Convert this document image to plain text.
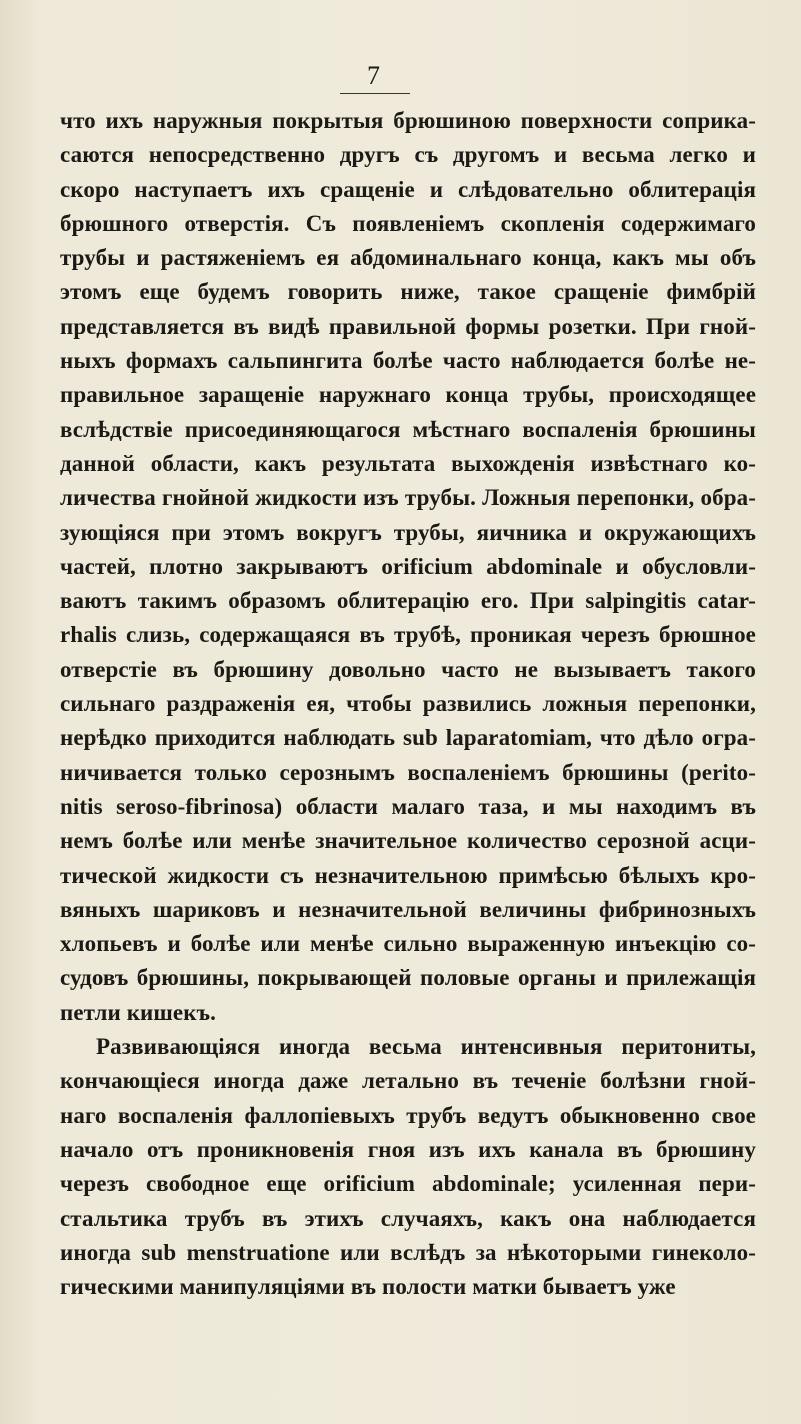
7
что ихъ наружныя покрытыя брюшиною поверхности соприка-
саются непосредственно другъ съ другомъ и весьма легко и
скоро наступаетъ ихъ сращеніе и слѣдовательно облитерація
брюшного отверстія. Съ появленіемъ скопленія содержимаго
трубы и растяженіемъ ея абдоминальнаго конца, какъ мы объ
этомъ еще будемъ говорить ниже, такое сращеніе фимбрій
представляется въ видѣ правильной формы розетки. При гной-
ныхъ формахъ сальпингита болѣе часто наблюдается болѣе не-
правильное заращеніе наружнаго конца трубы, происходящее
вслѣдствіе присоединяющагося мѣстнаго воспаленія брюшины
данной области, какъ результата выхожденія извѣстнаго ко-
личества гнойной жидкости изъ трубы. Ложныя перепонки, обра-
зующіяся при этомъ вокругъ трубы, яичника и окружающихъ
частей, плотно закрываютъ orificium abdominale и обусловли-
ваютъ такимъ образомъ облитерацію его. При salpingitis catar-
rhalis слизь, содержащаяся въ трубѣ, проникая черезъ брюшное
отверстіе въ брюшину довольно часто не вызываетъ такого
сильнаго раздраженія ея, чтобы развились ложныя перепонки,
нерѣдко приходится наблюдать sub laparatomiam, что дѣло огра-
ничивается только серознымъ воспаленіемъ брюшины (perito-
nitis seroso-fibrinosa) области малаго таза, и мы находимъ въ
немъ болѣе или менѣе значительное количество серозной асци-
тической жидкости съ незначительною примѣсью бѣлыхъ кро-
вяныхъ шариковъ и незначительной величины фибринозныхъ
хлопьевъ и болѣе или менѣе сильно выраженную инъекцію со-
судовъ брюшины, покрывающей половые органы и прилежащія
петли кишекъ.
Развивающіяся иногда весьма интенсивныя перитониты,
кончающіеся иногда даже летально въ теченіе болѣзни гной-
наго воспаленія фаллопіевыхъ трубъ ведутъ обыкновенно свое
начало отъ проникновенія гноя изъ ихъ канала въ брюшину
черезъ свободное еще orificium abdominale; усиленная пери-
стальтика трубъ въ этихъ случаяхъ, какъ она наблюдается
иногда sub menstruatione или вслѣдъ за нѣкоторыми гинеколо-
гическими манипуляціями въ полости матки бываетъ уже
